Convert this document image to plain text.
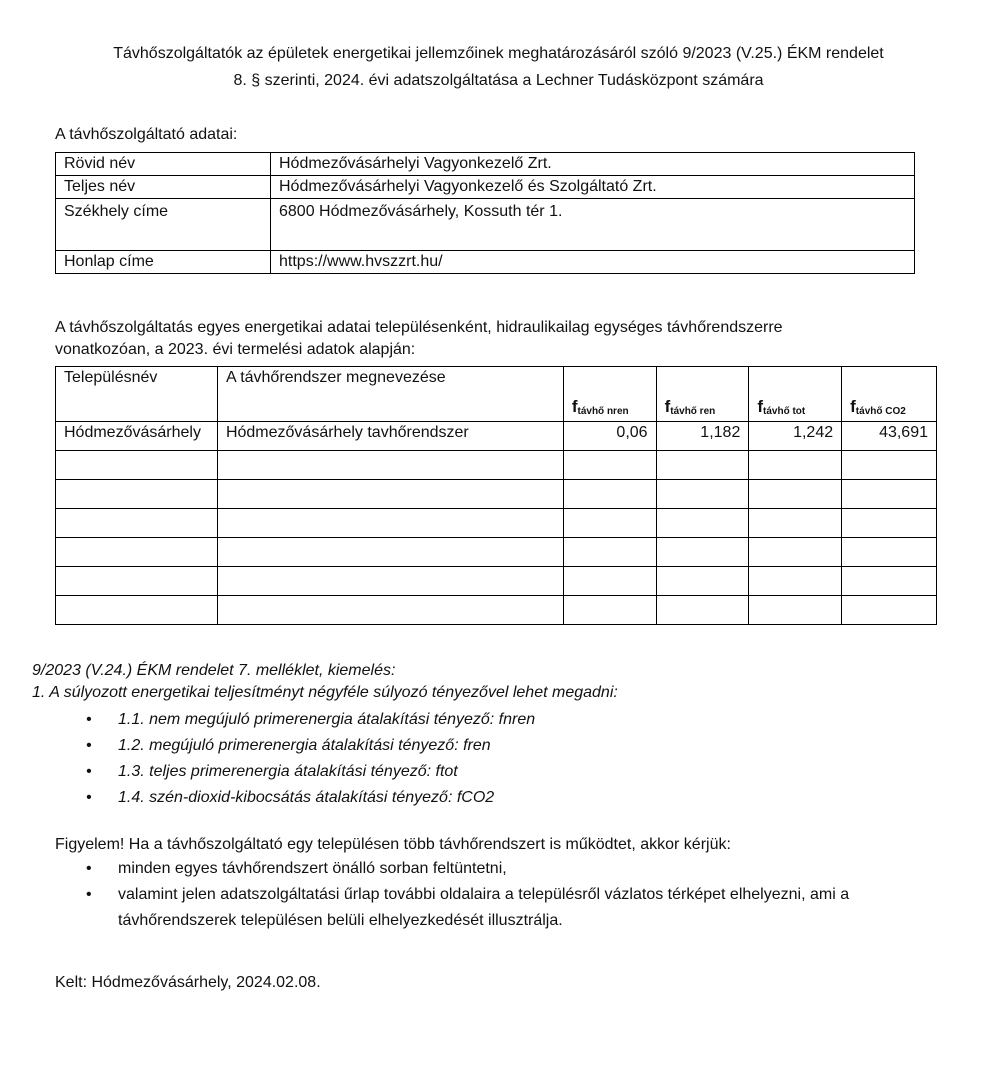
Távhőszolgáltatók az épületek energetikai jellemzőinek meghatározásáról szóló 9/2023 (V.25.) ÉKM rendelet
8. § szerinti, 2024. évi adatszolgáltatása a Lechner Tudásközpont számára
A távhőszolgáltató adatai:
Rövid név	Hódmezővásárhelyi Vagyonkezelő Zrt.
Teljes név	Hódmezővásárhelyi Vagyonkezelő és Szolgáltató Zrt.
Székhely címe	6800 Hódmezővásárhely, Kossuth tér 1.
Honlap címe	https://www.hvszzrt.hu/
A távhőszolgáltatás egyes energetikai adatai településenként, hidraulikailag egységes távhőrendszerre
vonatkozóan, a 2023. évi termelési adatok alapján:
Településnév	A távhőrendszer megnevezése	$f_{távhő nren}$	$f_{távhő ren}$	$f_{távhő tot}$	$f_{távhő CO2}$

Hódmezővásárhely	Hódmezővásárhely tavhőrendszer	0,06	1,182	1,242	43,691

9/2023 (V.24.) ÉKM rendelet 7. melléklet, kiemelés:
1. A súlyozott energetikai teljesítményt négyféle súlyozó tényezővel lehet megadni:
• 1.1. nem megújuló primerenergia átalakítási tényező: fnren
• 1.2. megújuló primerenergia átalakítási tényező: fren
• 1.3. teljes primerenergia átalakítási tényező: ftot
• 1.4. szén-dioxid-kibocsátás átalakítási tényező: fCO2
Figyelem! Ha a távhőszolgáltató egy településen több távhőrendszert is működtet, akkor kérjük:
• minden egyes távhőrendszert önálló sorban feltüntetni,
• valamint jelen adatszolgáltatási űrlap további oldalaira a településről vázlatos térképet elhelyezni, ami a
távhőrendszerek településen belüli elhelyezkedését illusztrálja.
Kelt: Hódmezővásárhely, 2024.02.08.
